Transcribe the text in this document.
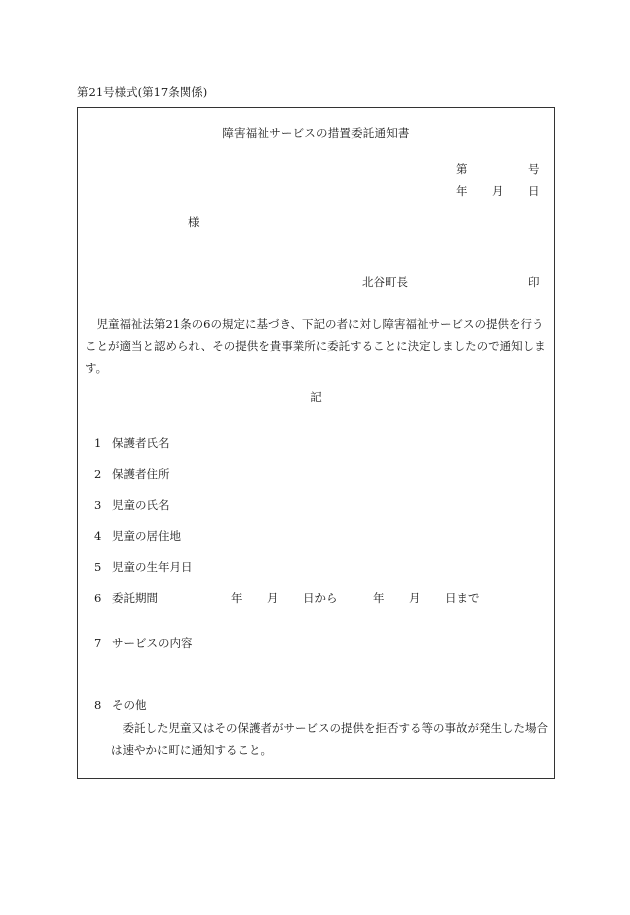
第21号様式(第17条関係)
障害福祉サービスの措置委託通知書
第	号
年 月 日
様
北谷町長	印
児童福祉法第21条の6の規定に基づき、下記の者に対し障害福祉サービスの提供を行うことが適当と認められ、その提供を貴事業所に委託することに決定しましたので通知します。
記
1 保護者氏名
2 保護者住所
3 児童の氏名
4 児童の居住地
5 児童の生年月日
6 委託期間	年 月 日から	年 月 日まで
7 サービスの内容
8 その他
委託した児童又はその保護者がサービスの提供を拒否する等の事故が発生した場合は速やかに町に通知すること。
